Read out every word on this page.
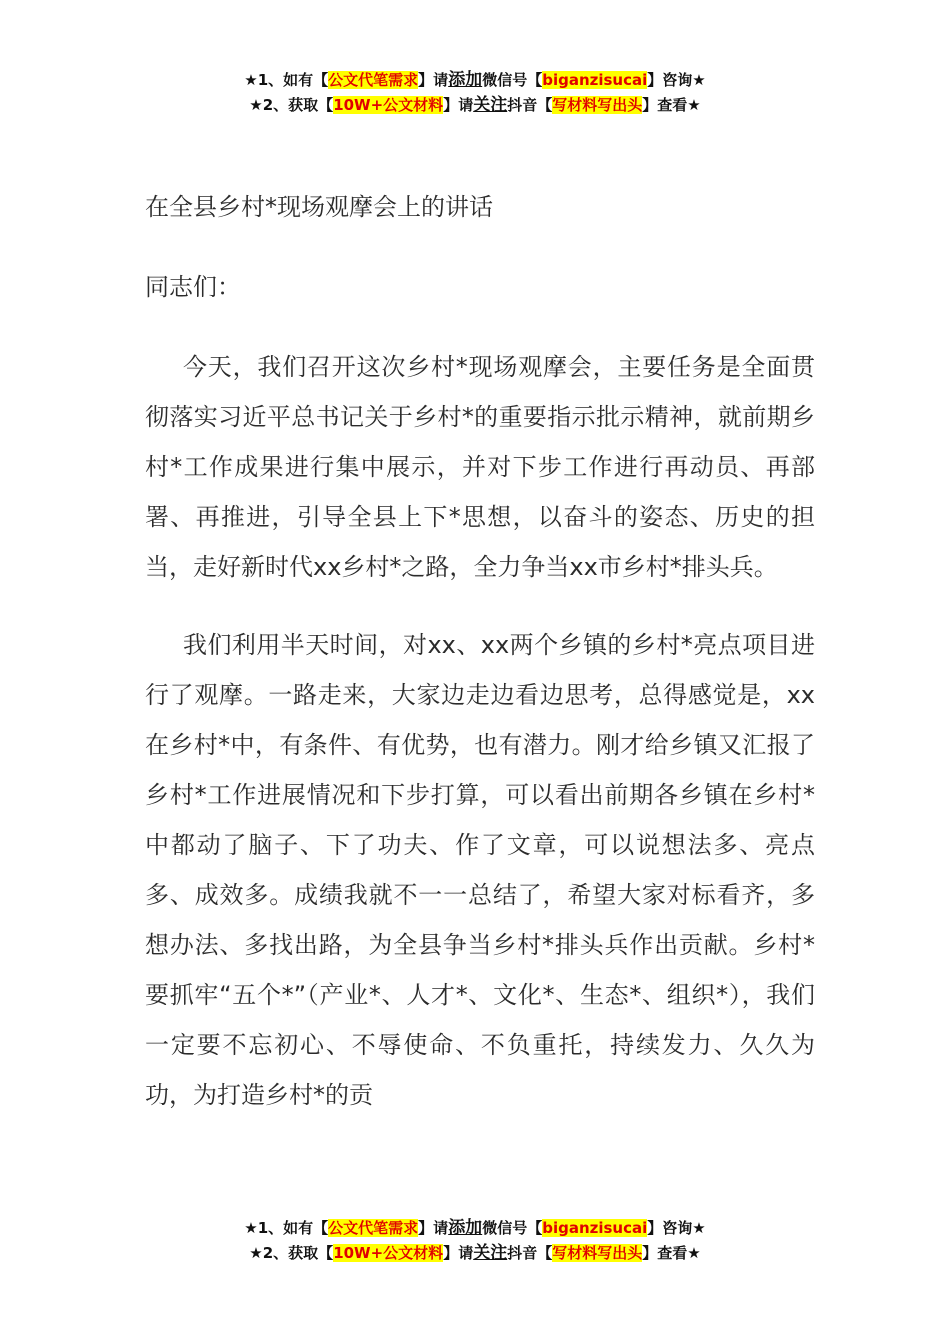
★1、如有【公文代笔需求】请添加微信号【biganzisucai】咨询★
★2、获取【10W+公文材料】请关注抖音【写材料写出头】查看★

在全县乡村*现场观摩会上的讲话

同志们：

今天，我们召开这次乡村*现场观摩会，主要任务是全面贯彻落实习近平总书记关于乡村*的重要指示批示精神，就前期乡村*工作成果进行集中展示，并对下步工作进行再动员、再部署、再推进，引导全县上下*思想，以奋斗的姿态、历史的担当，走好新时代xx乡村*之路，全力争当xx市乡村*排头兵。

我们利用半天时间，对xx、xx两个乡镇的乡村*亮点项目进行了观摩。一路走来，大家边走边看边思考，总得感觉是，xx在乡村*中，有条件、有优势，也有潜力。刚才给乡镇又汇报了乡村*工作进展情况和下步打算，可以看出前期各乡镇在乡村*中都动了脑子、下了功夫、作了文章，可以说想法多、亮点多、成效多。成绩我就不一一总结了，希望大家对标看齐，多想办法、多找出路，为全县争当乡村*排头兵作出贡献。乡村*要抓牢“五个*”（产业*、人才*、文化*、生态*、组织*），我们一定要不忘初心、不辱使命、不负重托，持续发力、久久为功，为打造乡村*的贡

★1、如有【公文代笔需求】请添加微信号【biganzisucai】咨询★
★2、获取【10W+公文材料】请关注抖音【写材料写出头】查看★
